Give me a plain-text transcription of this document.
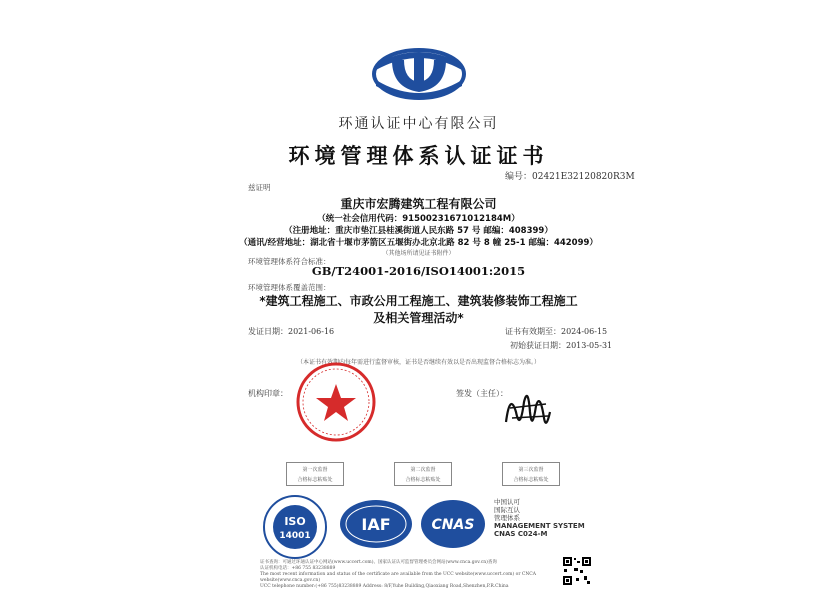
环通认证中心有限公司
环境管理体系认证证书
编号：02421E32120820R3M
兹证明
重庆市宏腾建筑工程有限公司
（统一社会信用代码：91500231671012184M）
（注册地址：重庆市垫江县桂溪街道人民东路 57 号 邮编：408399）
（通讯/经营地址：湖北省十堰市茅箭区五堰街办北京北路 82 号 8 幢 25-1 邮编：442099）
（其他场所请见证书附件）
环境管理体系符合标准：
GB/T24001-2016/ISO14001:2015
环境管理体系覆盖范围：
*建筑工程施工、市政公用工程施工、建筑装修装饰工程施工
及相关管理活动*
发证日期：2021-06-16	证书有效期至：2024-06-15
初始获证日期：2013-05-31
（本证书有效期内每年需进行监督审核，证书是否继续有效以是否出现监督合格标志为准。）
机构印章：	签发（主任）：
第一次监督
合格标志粘贴处
第二次监督
合格标志粘贴处
第三次监督
合格标志粘贴处
ISO
14001
IAF	CNAS
中国认可
国际互认
管理体系
MANAGEMENT SYSTEM
CNAS C024-M
证书查询：可通过环通认证中心网站(www.uccert.com)、国家认证认可监督管理委员会网站(www.cnca.gov.cn)查询
认证机构电话：+86 755 83238889
The most recent information and status of the certificate are available from the UCC website(www.uccert.com) or CNCA website(www.cnca.gov.cn)
UCC telephone number:(+86 755)83238889 Address: 8/F,Yuhe Building,Qiaoxiang Road,Shenzhen,P.R.China
